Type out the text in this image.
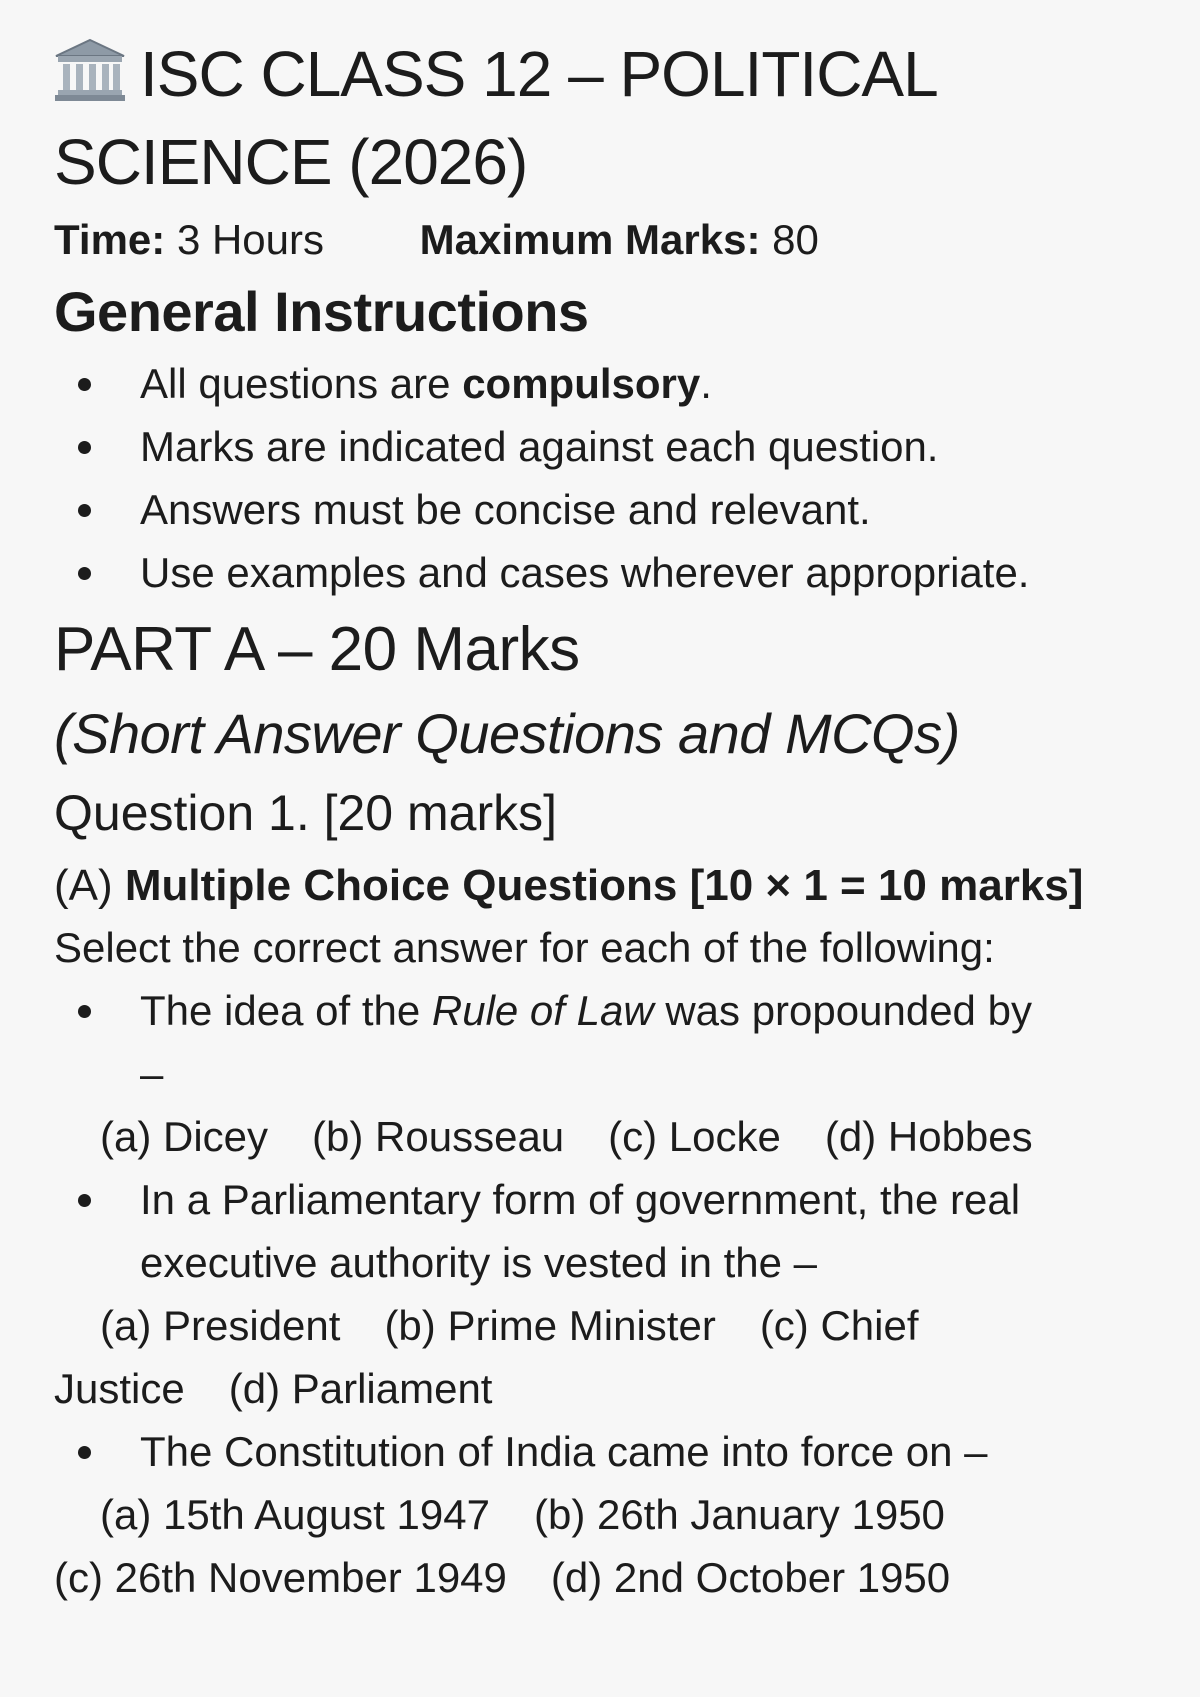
ISC CLASS 12 – POLITICAL
SCIENCE (2026)
Time: 3 Hours Maximum Marks: 80
General Instructions
All questions are compulsory.
Marks are indicated against each question.
Answers must be concise and relevant.
Use examples and cases wherever appropriate.
PART A – 20 Marks
(Short Answer Questions and MCQs)
Question 1. [20 marks]
(A) Multiple Choice Questions [10 × 1 = 10 marks]
Select the correct answer for each of the following:
The idea of the Rule of Law was propounded by
–
(a) Dicey (b) Rousseau (c) Locke (d) Hobbes
In a Parliamentary form of government, the real
executive authority is vested in the –
(a) President (b) Prime Minister (c) Chief
Justice (d) Parliament
The Constitution of India came into force on –
(a) 15th August 1947 (b) 26th January 1950
(c) 26th November 1949 (d) 2nd October 1950
